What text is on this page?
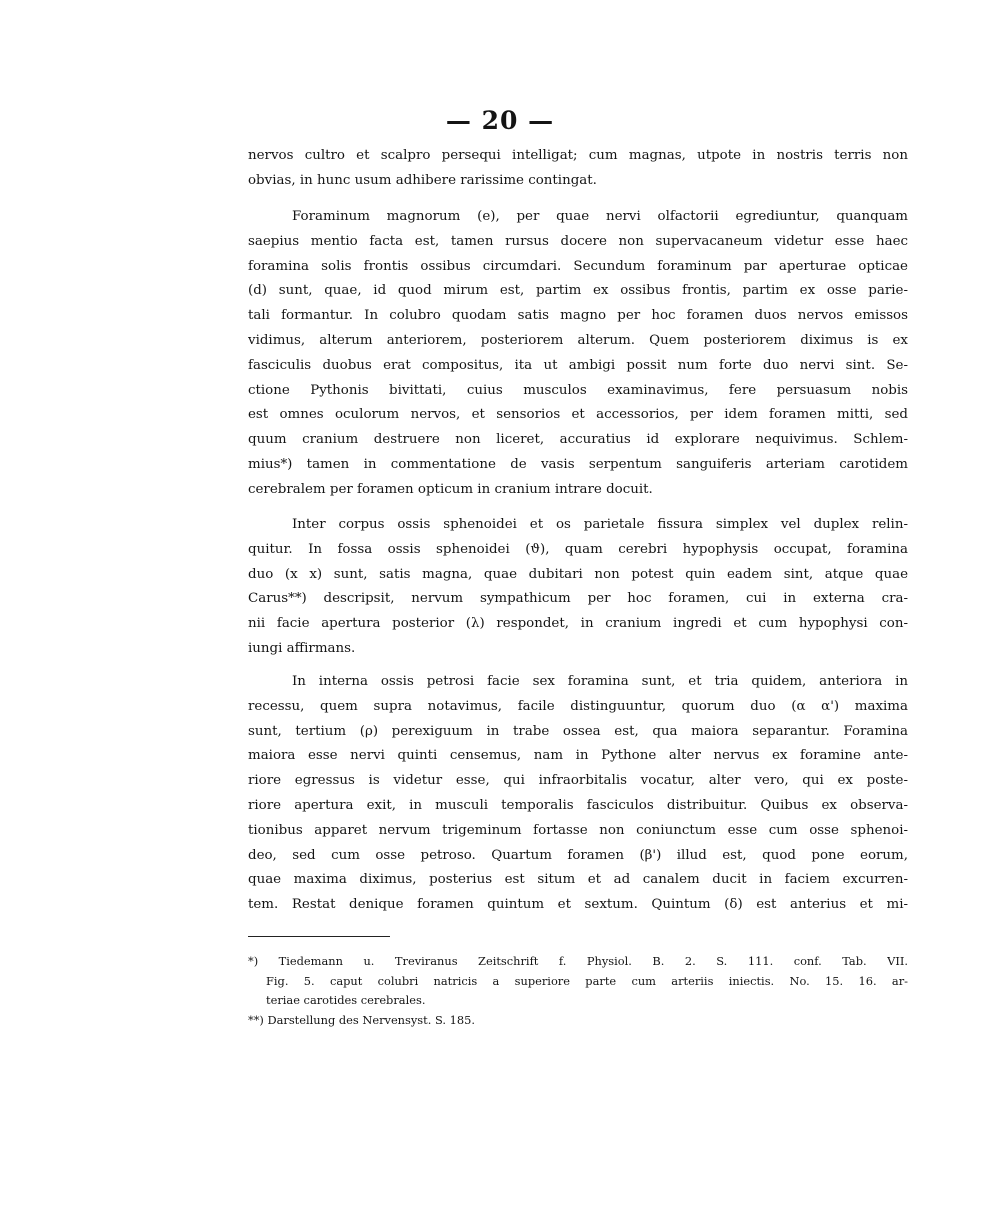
— 20 —
nervos cultro et scalpro persequi intelligat; cum magnas, utpote in nostris terris non
obvias, in hunc usum adhibere rarissime contingat.
Foraminum magnorum (e), per quae nervi olfactorii egrediuntur, quanquam
saepius mentio facta est, tamen rursus docere non supervacaneum videtur esse haec
foramina solis frontis ossibus circumdari. Secundum foraminum par aperturae opticae
(d) sunt, quae, id quod mirum est, partim ex ossibus frontis, partim ex osse parie-
tali formantur. In colubro quodam satis magno per hoc foramen duos nervos emissos
vidimus, alterum anteriorem, posteriorem alterum. Quem posteriorem diximus is ex
fasciculis duobus erat compositus, ita ut ambigi possit num forte duo nervi sint. Se-
ctione Pythonis bivittati, cuius musculos examinavimus, fere persuasum nobis
est omnes oculorum nervos, et sensorios et accessorios, per idem foramen mitti, sed
quum cranium destruere non liceret, accuratius id explorare nequivimus. Schlem-
mius*) tamen in commentatione de vasis serpentum sanguiferis arteriam carotidem
cerebralem per foramen opticum in cranium intrare docuit.
Inter corpus ossis sphenoidei et os parietale fissura simplex vel duplex relin-
quitur. In fossa ossis sphenoidei (ϑ), quam cerebri hypophysis occupat, foramina
duo (x x) sunt, satis magna, quae dubitari non potest quin eadem sint, atque quae
Carus**) descripsit, nervum sympathicum per hoc foramen, cui in externa cra-
nii facie apertura posterior (λ) respondet, in cranium ingredi et cum hypophysi con-
iungi affirmans.
In interna ossis petrosi facie sex foramina sunt, et tria quidem, anteriora in
recessu, quem supra notavimus, facile distinguuntur, quorum duo (α α') maxima
sunt, tertium (ρ) perexiguum in trabe ossea est, qua maiora separantur. Foramina
maiora esse nervi quinti censemus, nam in Pythone alter nervus ex foramine ante-
riore egressus is videtur esse, qui infraorbitalis vocatur, alter vero, qui ex poste-
riore apertura exit, in musculi temporalis fasciculos distribuitur. Quibus ex observa-
tionibus apparet nervum trigeminum fortasse non coniunctum esse cum osse sphenoi-
deo, sed cum osse petroso. Quartum foramen (β') illud est, quod pone eorum,
quae maxima diximus, posterius est situm et ad canalem ducit in faciem excurren-
tem. Restat denique foramen quintum et sextum. Quintum (δ) est anterius et mi-
*) Tiedemann u. Treviranus Zeitschrift f. Physiol. B. 2. S. 111. conf. Tab. VII.
Fig. 5. caput colubri natricis a superiore parte cum arteriis iniectis. No. 15. 16. ar-
teriae carotides cerebrales.
**) Darstellung des Nervensyst. S. 185.
